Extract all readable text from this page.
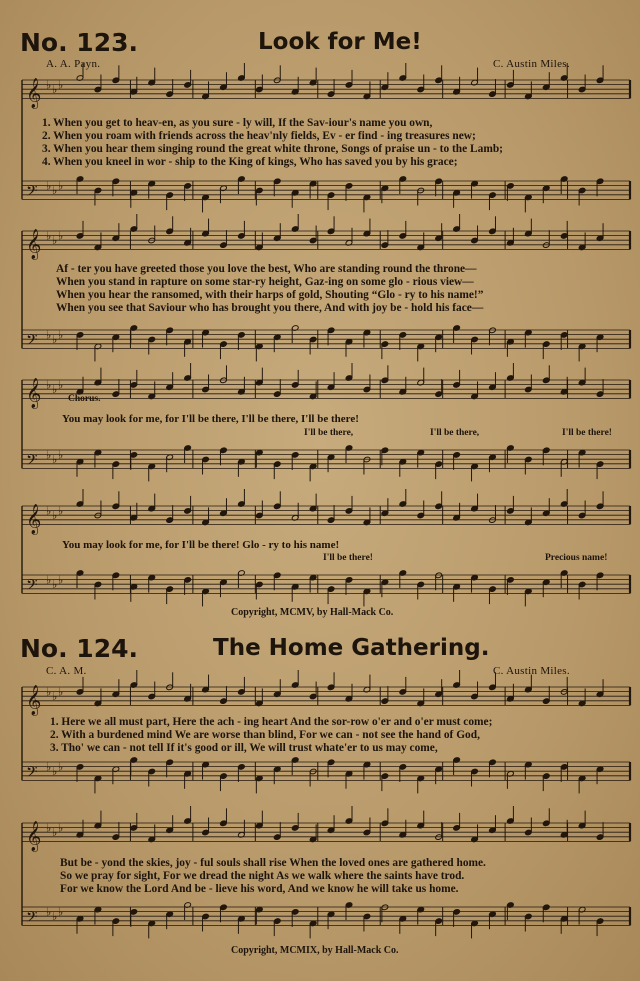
𝄞 ♭ ♭ ♭
𝄢 ♭ ♭ ♭
𝄞 ♭ ♭ ♭
𝄢 ♭ ♭ ♭
𝄞 ♭ ♭ ♭
𝄢 ♭ ♭ ♭
𝄞 ♭ ♭ ♭
𝄢 ♭ ♭ ♭
𝄞 ♭ ♭ ♭
𝄢 ♭ ♭ ♭
𝄞 ♭ ♭ ♭
𝄢 ♭ ♭ ♭
No. 123.	Look for Me!
A. A. Payn.	C. Austin Miles.
1. When you get to heav-en, as you sure - ly will, If the Sav-iour's name you own,
2. When you roam with friends across the heav'nly fields, Ev - er find - ing treasures new;
3. When you hear them singing round the great white throne, Songs of praise un - to the Lamb;
4. When you kneel in wor - ship to the King of kings, Who has saved you by his grace;
Af - ter you have greeted those you love the best, Who are standing round the throne—
When you stand in rapture on some star-ry height, Gaz-ing on some glo - rious view—
When you hear the ransomed, with their harps of gold, Shouting “Glo - ry to his name!”
When you see that Saviour who has brought you there, And with joy be - hold his face—
Chorus.
You may look for me, for I'll be there, I'll be there, I'll be there!
I'll be there,	I'll be there,	I'll be there!
You may look for me, for I'll be there! Glo - ry to his name!
I'll be there!	Precious name!
Copyright, MCMV, by Hall-Mack Co.
No. 124.	The Home Gathering.
C. A. M.	C. Austin Miles.
1. Here we all must part, Here the ach - ing heart And the sor-row o'er and o'er must come;
2. With a burdened mind We are worse than blind, For we can - not see the hand of God,
3. Tho' we can - not tell If it's good or ill, We will trust whate'er to us may come,
But be - yond the skies, joy - ful souls shall rise When the loved ones are gathered home.
So we pray for sight, For we dread the night As we walk where the saints have trod.
For we know the Lord And be - lieve his word, And we know he will take us home.
Copyright, MCMIX, by Hall-Mack Co.
